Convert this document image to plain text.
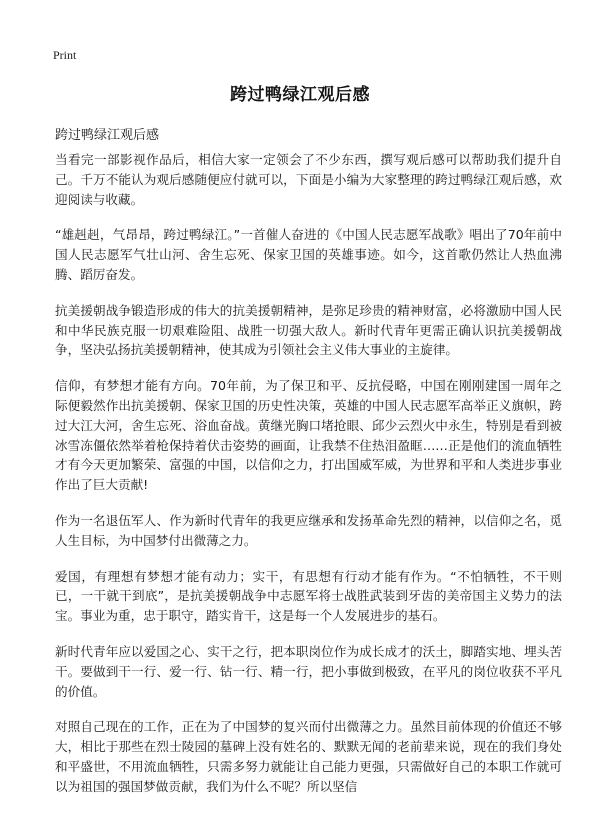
Print
跨过鸭绿江观后感

跨过鸭绿江观后感

当看完一部影视作品后，相信大家一定领会了不少东西，撰写观后感可以帮助我们提升自己。千万不能认为观后感随便应付就可以，下面是小编为大家整理的跨过鸭绿江观后感，欢迎阅读与收藏。

“雄赳赳，气昂昂，跨过鸭绿江。”一首催人奋进的《中国人民志愿军战歌》唱出了70年前中国人民志愿军气壮山河、舍生忘死、保家卫国的英雄事迹。如今，这首歌仍然让人热血沸腾、蹈厉奋发。

抗美援朝战争锻造形成的伟大的抗美援朝精神，是弥足珍贵的精神财富，必将激励中国人民和中华民族克服一切艰难险阻、战胜一切强大敌人。新时代青年更需正确认识抗美援朝战争，坚决弘扬抗美援朝精神，使其成为引领社会主义伟大事业的主旋律。

信仰，有梦想才能有方向。70年前，为了保卫和平、反抗侵略，中国在刚刚建国一周年之际便毅然作出抗美援朝、保家卫国的历史性决策，英雄的中国人民志愿军高举正义旗帜，跨过大江大河，舍生忘死、浴血奋战。黄继光胸口堵抢眼、邱少云烈火中永生，特别是看到被冰雪冻僵依然举着枪保持着伏击姿势的画面，让我禁不住热泪盈眶……正是他们的流血牺牲才有今天更加繁荣、富强的中国，以信仰之力，打出国威军威，为世界和平和人类进步事业作出了巨大贡献!

作为一名退伍军人、作为新时代青年的我更应继承和发扬革命先烈的精神，以信仰之名，觅人生目标，为中国梦付出微薄之力。

爱国，有理想有梦想才能有动力；实干，有思想有行动才能有作为。“不怕牺牲，不干则已，一干就干到底”，是抗美援朝战争中志愿军将士战胜武装到牙齿的美帝国主义势力的法宝。事业为重，忠于职守，踏实肯干，这是每一个人发展进步的基石。

新时代青年应以爱国之心、实干之行，把本职岗位作为成长成才的沃土，脚踏实地、埋头苦干。要做到干一行、爱一行、钻一行、精一行，把小事做到极致，在平凡的岗位收获不平凡的价值。

对照自己现在的工作，正在为了中国梦的复兴而付出微薄之力。虽然目前体现的价值还不够大，相比于那些在烈士陵园的墓碑上没有姓名的、默默无闻的老前辈来说，现在的我们身处和平盛世，不用流血牺牲，只需多努力就能让自己能力更强，只需做好自己的本职工作就可以为祖国的强国梦做贡献，我们为什么不呢？所以坚信
